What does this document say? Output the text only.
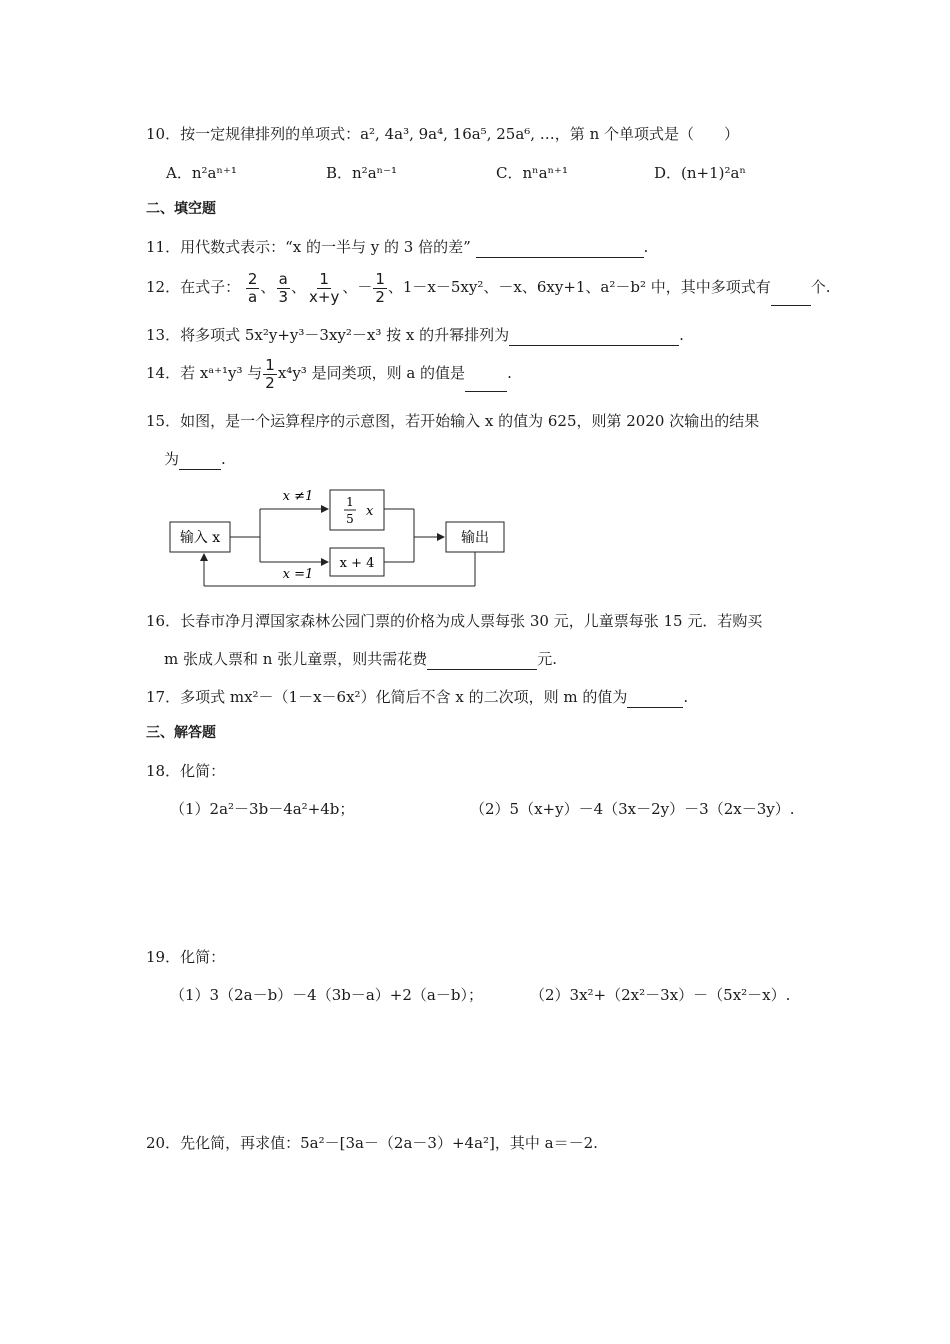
10．按一定规律排列的单项式：a², 4a³, 9a⁴, 16a⁵, 25a⁶, …，第 n 个单项式是（　　）
A．n²aⁿ⁺¹	B．n²aⁿ⁻¹	C．nⁿaⁿ⁺¹	D．(n+1)²aⁿ
二、填空题
11．用代数式表示：“x 的一半与 y 的 3 倍的差”	.
12．在式子： $\frac{2}{a}$ 、 $\frac{a}{3}$ 、 $\frac{1}{x+y}$ 、－ $\frac{1}{2}$ 、1－x－5xy²、－x、6xy+1、a²－b² 中，其中多项式有	个.
13．将多项式 5x²y+y³－3xy²－x³ 按 x 的升幂排列为	.
14．若 xᵃ⁺¹y³ 与 $\frac{1}{2} x^4y^3$ 是同类项，则 a 的值是	.
15．如图，是一个运算程序的示意图，若开始输入 x 的值为 625，则第 2020 次输出的结果
为	.
输入 x
x ≠1
x =1
1
5 x
x + 4
输出
16．长春市净月潭国家森林公园门票的价格为成人票每张 30 元，儿童票每张 15 元．若购买
m 张成人票和 n 张儿童票，则共需花费	元.
17．多项式 mx²－（1－x－6x²）化简后不含 x 的二次项，则 m 的值为	.
三、解答题
18．化简：
（1）2a²－3b－4a²+4b；	（2）5（x+y）－4（3x－2y）－3（2x－3y）.
19．化简：
（1）3（2a－b）－4（3b－a）+2（a－b）；	（2）3x²+（2x²－3x）－（5x²－x）.
20．先化简，再求值：5a²－[3a－（2a－3）+4a²]，其中 a＝－2.
